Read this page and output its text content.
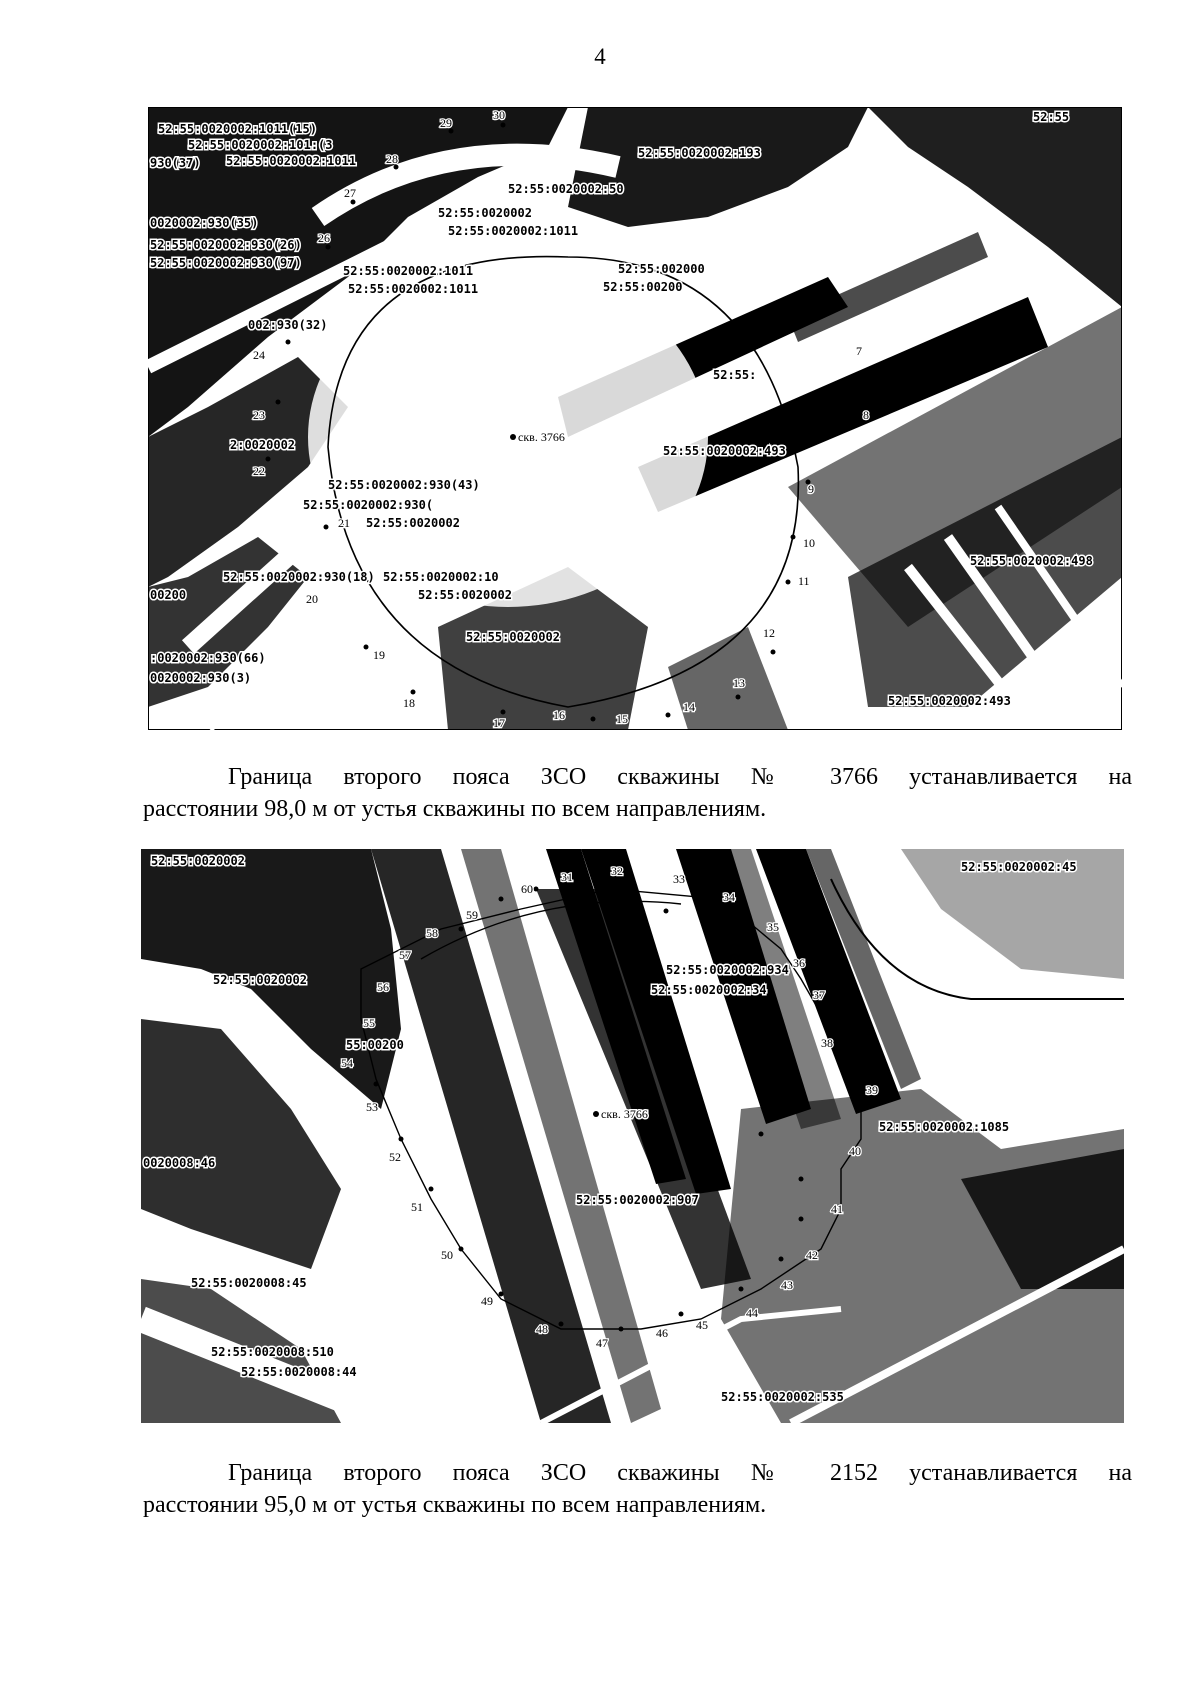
4
скв. 3766
52:55:0020002:1011(15)
52:55:0020002:101:(3
930(37) 52:55:0020002:1011
0020002:930(35)
52:55:0020002:930(26)
52:55:0020002:930(97)
002:930(32)
52:55:0020002:1011
52:55:0020002:1011
52:55:0020002
52:55:0020002:1011
52:55:0020002:50
52:55:002000
52:55:00200
52:55:
52:55:0020002:493
2:0020002
52:55:0020002:930(43)
52:55:0020002:930(
52:55:0020002
52:55:0020002:930(18) 52:55:0020002:10
52:55:0020002
52:55:0020002
00200
:0020002:930(66)
0020002:930(3)
52:55:0020002:498
52:55:0020002:493
52:55
52:55:0020002:193
29
30
28
27
26
24
23
22
21
20
19
18
17
16	15
14
13
12
11
10
9
8
7

Граница второго пояса ЗСО скважины № 3766 устанавливается на
расстоянии 98,0 м от устья скважины по всем направлениям.

скв. 3766
52:55:0020002
52:55:0020002
52:55:0020002:934
52:55:0020002:34
52:55:0020002:907
52:55:0020002:1085
0020008:46
52:55:0020008:45
52:55:0020008:510
52:55:0020008:44
52:55:0020002:535
52:55:0020002:45
55:00200
59
60
31	32
33
34
35
36
37
38
39
40
41
42
43
44
45
46
47
48
49
50
51
52
53
54
55
56
57
58

Граница второго пояса ЗСО скважины № 2152 устанавливается на
расстоянии 95,0 м от устья скважины по всем направлениям.
